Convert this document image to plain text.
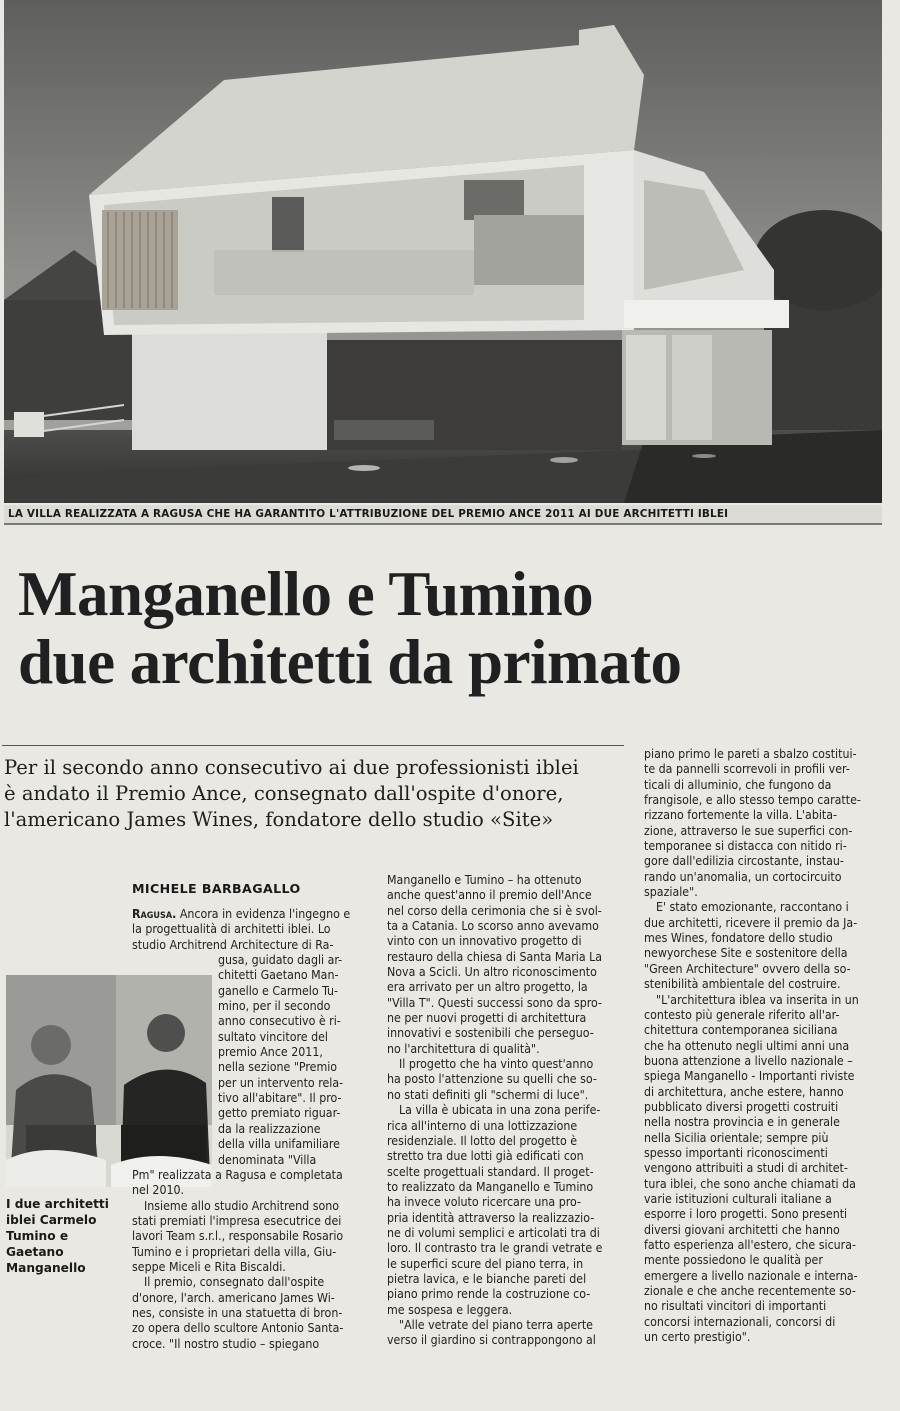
LA VILLA REALIZZATA A RAGUSA CHE HA GARANTITO L'ATTRIBUZIONE DEL PREMIO ANCE 2011 AI DUE ARCHITETTI IBLEI
Manganello e Tumino
due architetti da primato
Per il secondo anno consecutivo ai due professionisti iblei
è andato il Premio Ance, consegnato dall'ospite d'onore,
l'americano James Wines, fondatore dello studio «Site»
MICHELE BARBAGALLO
I due architetti
iblei Carmelo
Tumino e
Gaetano
Manganello
Ragusa. Ancora in evidenza l'ingegno e
la progettualità di architetti iblei. Lo
studio Architrend Architecture di Ra-
gusa, guidato dagli ar-
chitetti Gaetano Man-
ganello e Carmelo Tu-
mino, per il secondo
anno consecutivo è ri-
sultato vincitore del
premio Ance 2011,
nella sezione "Premio
per un intervento rela-
tivo all'abitare". Il pro-
getto premiato riguar-
da la realizzazione
della villa unifamiliare
denominata "Villa
Pm" realizzata a Ragusa e completata
nel 2010.
Insieme allo studio Architrend sono
stati premiati l'impresa esecutrice dei
lavori Team s.r.l., responsabile Rosario
Tumino e i proprietari della villa, Giu-
seppe Miceli e Rita Biscaldi.
Il premio, consegnato dall'ospite
d'onore, l'arch. americano James Wi-
nes, consiste in una statuetta di bron-
zo opera dello scultore Antonio Santa-
croce. "Il nostro studio – spiegano
Manganello e Tumino – ha ottenuto
anche quest'anno il premio dell'Ance
nel corso della cerimonia che si è svol-
ta a Catania. Lo scorso anno avevamo
vinto con un innovativo progetto di
restauro della chiesa di Santa Maria La
Nova a Scicli. Un altro riconoscimento
era arrivato per un altro progetto, la
"Villa T". Questi successi sono da spro-
ne per nuovi progetti di architettura
innovativi e sostenibili che perseguo-
no l'architettura di qualità".
Il progetto che ha vinto quest'anno
ha posto l'attenzione su quelli che so-
no stati definiti gli "schermi di luce".
La villa è ubicata in una zona perife-
rica all'interno di una lottizzazione
residenziale. Il lotto del progetto è
stretto tra due lotti già edificati con
scelte progettuali standard. Il proget-
to realizzato da Manganello e Tumino
ha invece voluto ricercare una pro-
pria identità attraverso la realizzazio-
ne di volumi semplici e articolati tra di
loro. Il contrasto tra le grandi vetrate e
le superfici scure del piano terra, in
pietra lavica, e le bianche pareti del
piano primo rende la costruzione co-
me sospesa e leggera.
"Alle vetrate del piano terra aperte
verso il giardino si contrappongono al
piano primo le pareti a sbalzo costitui-
te da pannelli scorrevoli in profili ver-
ticali di alluminio, che fungono da
frangisole, e allo stesso tempo caratte-
rizzano fortemente la villa. L'abita-
zione, attraverso le sue superfici con-
temporanee si distacca con nitido ri-
gore dall'edilizia circostante, instau-
rando un'anomalia, un cortocircuito
spaziale".
E' stato emozionante, raccontano i
due architetti, ricevere il premio da Ja-
mes Wines, fondatore dello studio
newyorchese Site e sostenitore della
"Green Architecture" ovvero della so-
stenibilità ambientale del costruire.
"L'architettura iblea va inserita in un
contesto più generale riferito all'ar-
chitettura contemporanea siciliana
che ha ottenuto negli ultimi anni una
buona attenzione a livello nazionale –
spiega Manganello - Importanti riviste
di architettura, anche estere, hanno
pubblicato diversi progetti costruiti
nella nostra provincia e in generale
nella Sicilia orientale; sempre più
spesso importanti riconoscimenti
vengono attribuiti a studi di architet-
tura iblei, che sono anche chiamati da
varie istituzioni culturali italiane a
esporre i loro progetti. Sono presenti
diversi giovani architetti che hanno
fatto esperienza all'estero, che sicura-
mente possiedono le qualità per
emergere a livello nazionale e interna-
zionale e che anche recentemente so-
no risultati vincitori di importanti
concorsi internazionali, concorsi di
un certo prestigio".
